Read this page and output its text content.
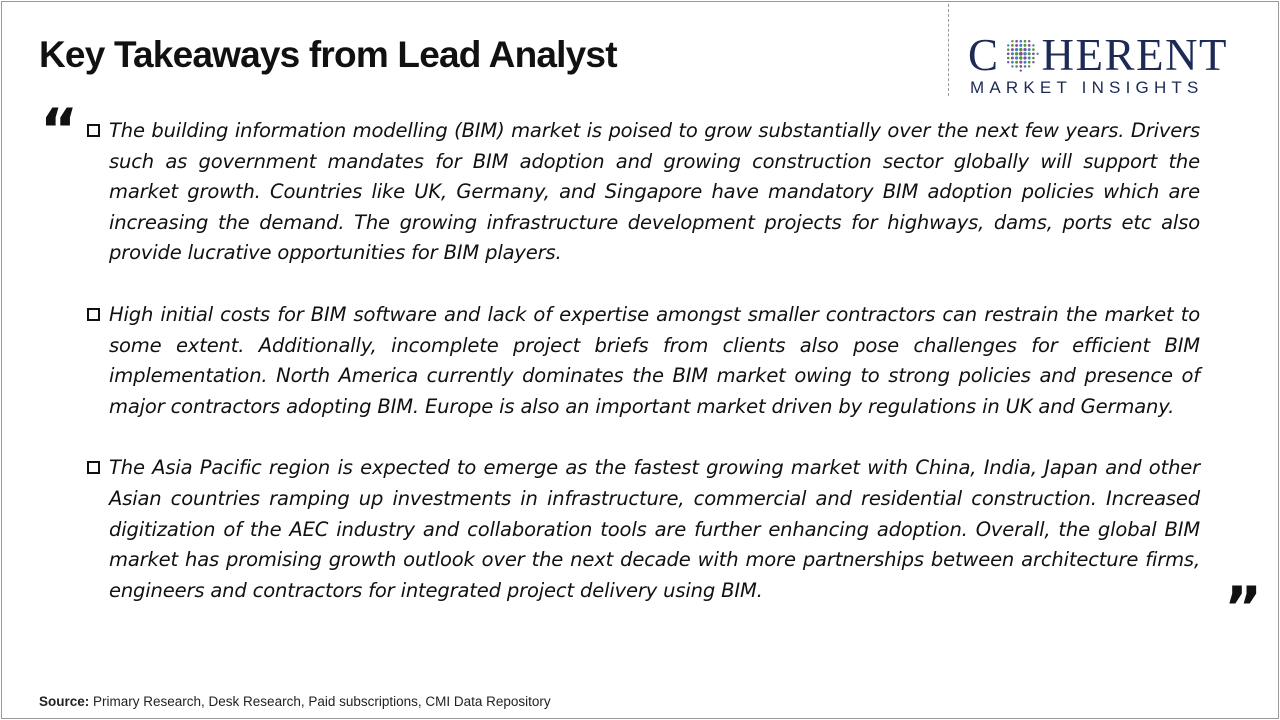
Key Takeaways from Lead Analyst	C HERENT
MARKET INSIGHTS
“	The building information modelling (BIM) market is poised to grow substantially over the next few years. Drivers such as government mandates for BIM adoption and growing construction sector globally will support the market growth. Countries like UK, Germany, and Singapore have mandatory BIM adoption policies which are increasing the demand. The growing infrastructure development projects for highways, dams, ports etc also provide lucrative opportunities for BIM players.
High initial costs for BIM software and lack of expertise amongst smaller contractors can restrain the market to some extent. Additionally, incomplete project briefs from clients also pose challenges for efficient BIM implementation. North America currently dominates the BIM market owing to strong policies and presence of major contractors adopting BIM. Europe is also an important market driven by regulations in UK and Germany.
The Asia Pacific region is expected to emerge as the fastest growing market with China, India, Japan and other Asian countries ramping up investments in infrastructure, commercial and residential construction. Increased digitization of the AEC industry and collaboration tools are further enhancing adoption. Overall, the global BIM market has promising growth outlook over the next decade with more partnerships between architecture firms, engineers and contractors for integrated project delivery using BIM.	”
Source: Primary Research, Desk Research, Paid subscriptions, CMI Data Repository
